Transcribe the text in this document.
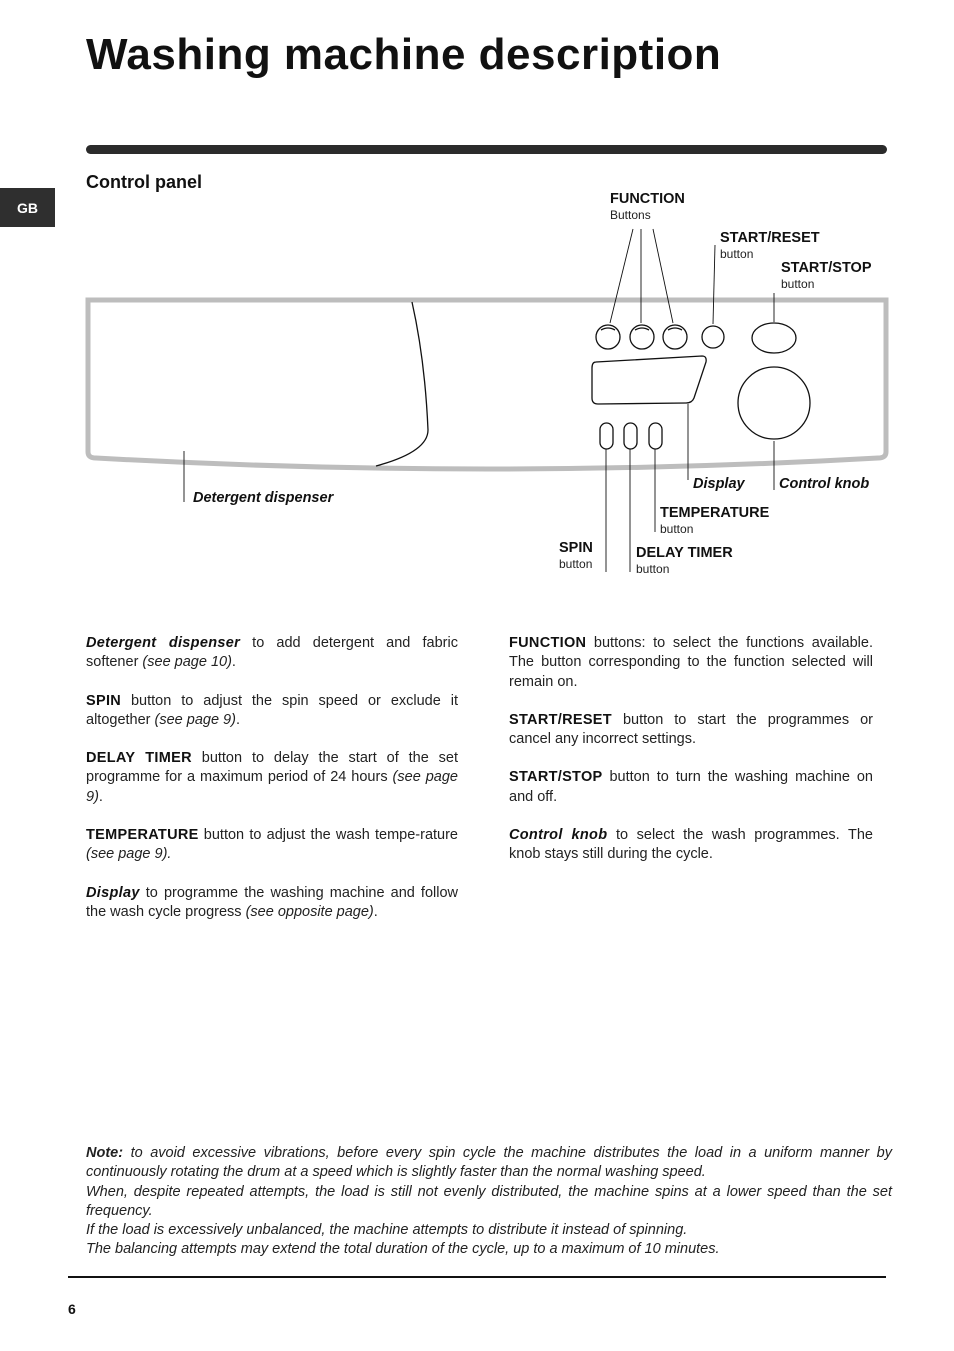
Washing machine description
GB
Control panel
FUNCTION
Buttons
START/RESET
button
START/STOP
button
Display Control knob
Detergent dispenser
TEMPERATURE
button
SPIN
button
DELAY TIMER
button

Detergent dispenser to add detergent and fabric softener (see page 10).

SPIN button to adjust the spin speed or exclude it altogether (see page 9).

DELAY TIMER button to delay the start of the set programme for a maximum period of 24 hours (see page 9).

TEMPERATURE button to adjust the wash tempe-rature (see page 9).

Display to programme the washing machine and follow the wash cycle progress (see opposite page).

FUNCTION buttons: to select the functions available. The button corresponding to the function selected will remain on.

START/RESET button to start the programmes or cancel any incorrect settings.

START/STOP button to turn the washing machine on and off.

Control knob to select the wash programmes. The knob stays still during the cycle.

Note: to avoid excessive vibrations, before every spin cycle the machine distributes the load in a uniform manner by continuously rotating the drum at a speed which is slightly faster than the normal washing speed.

When, despite repeated attempts, the load is still not evenly distributed, the machine spins at a lower speed than the set frequency.

If the load is excessively unbalanced, the machine attempts to distribute it instead of spinning.

The balancing attempts may extend the total duration of the cycle, up to a maximum of 10 minutes.

6
